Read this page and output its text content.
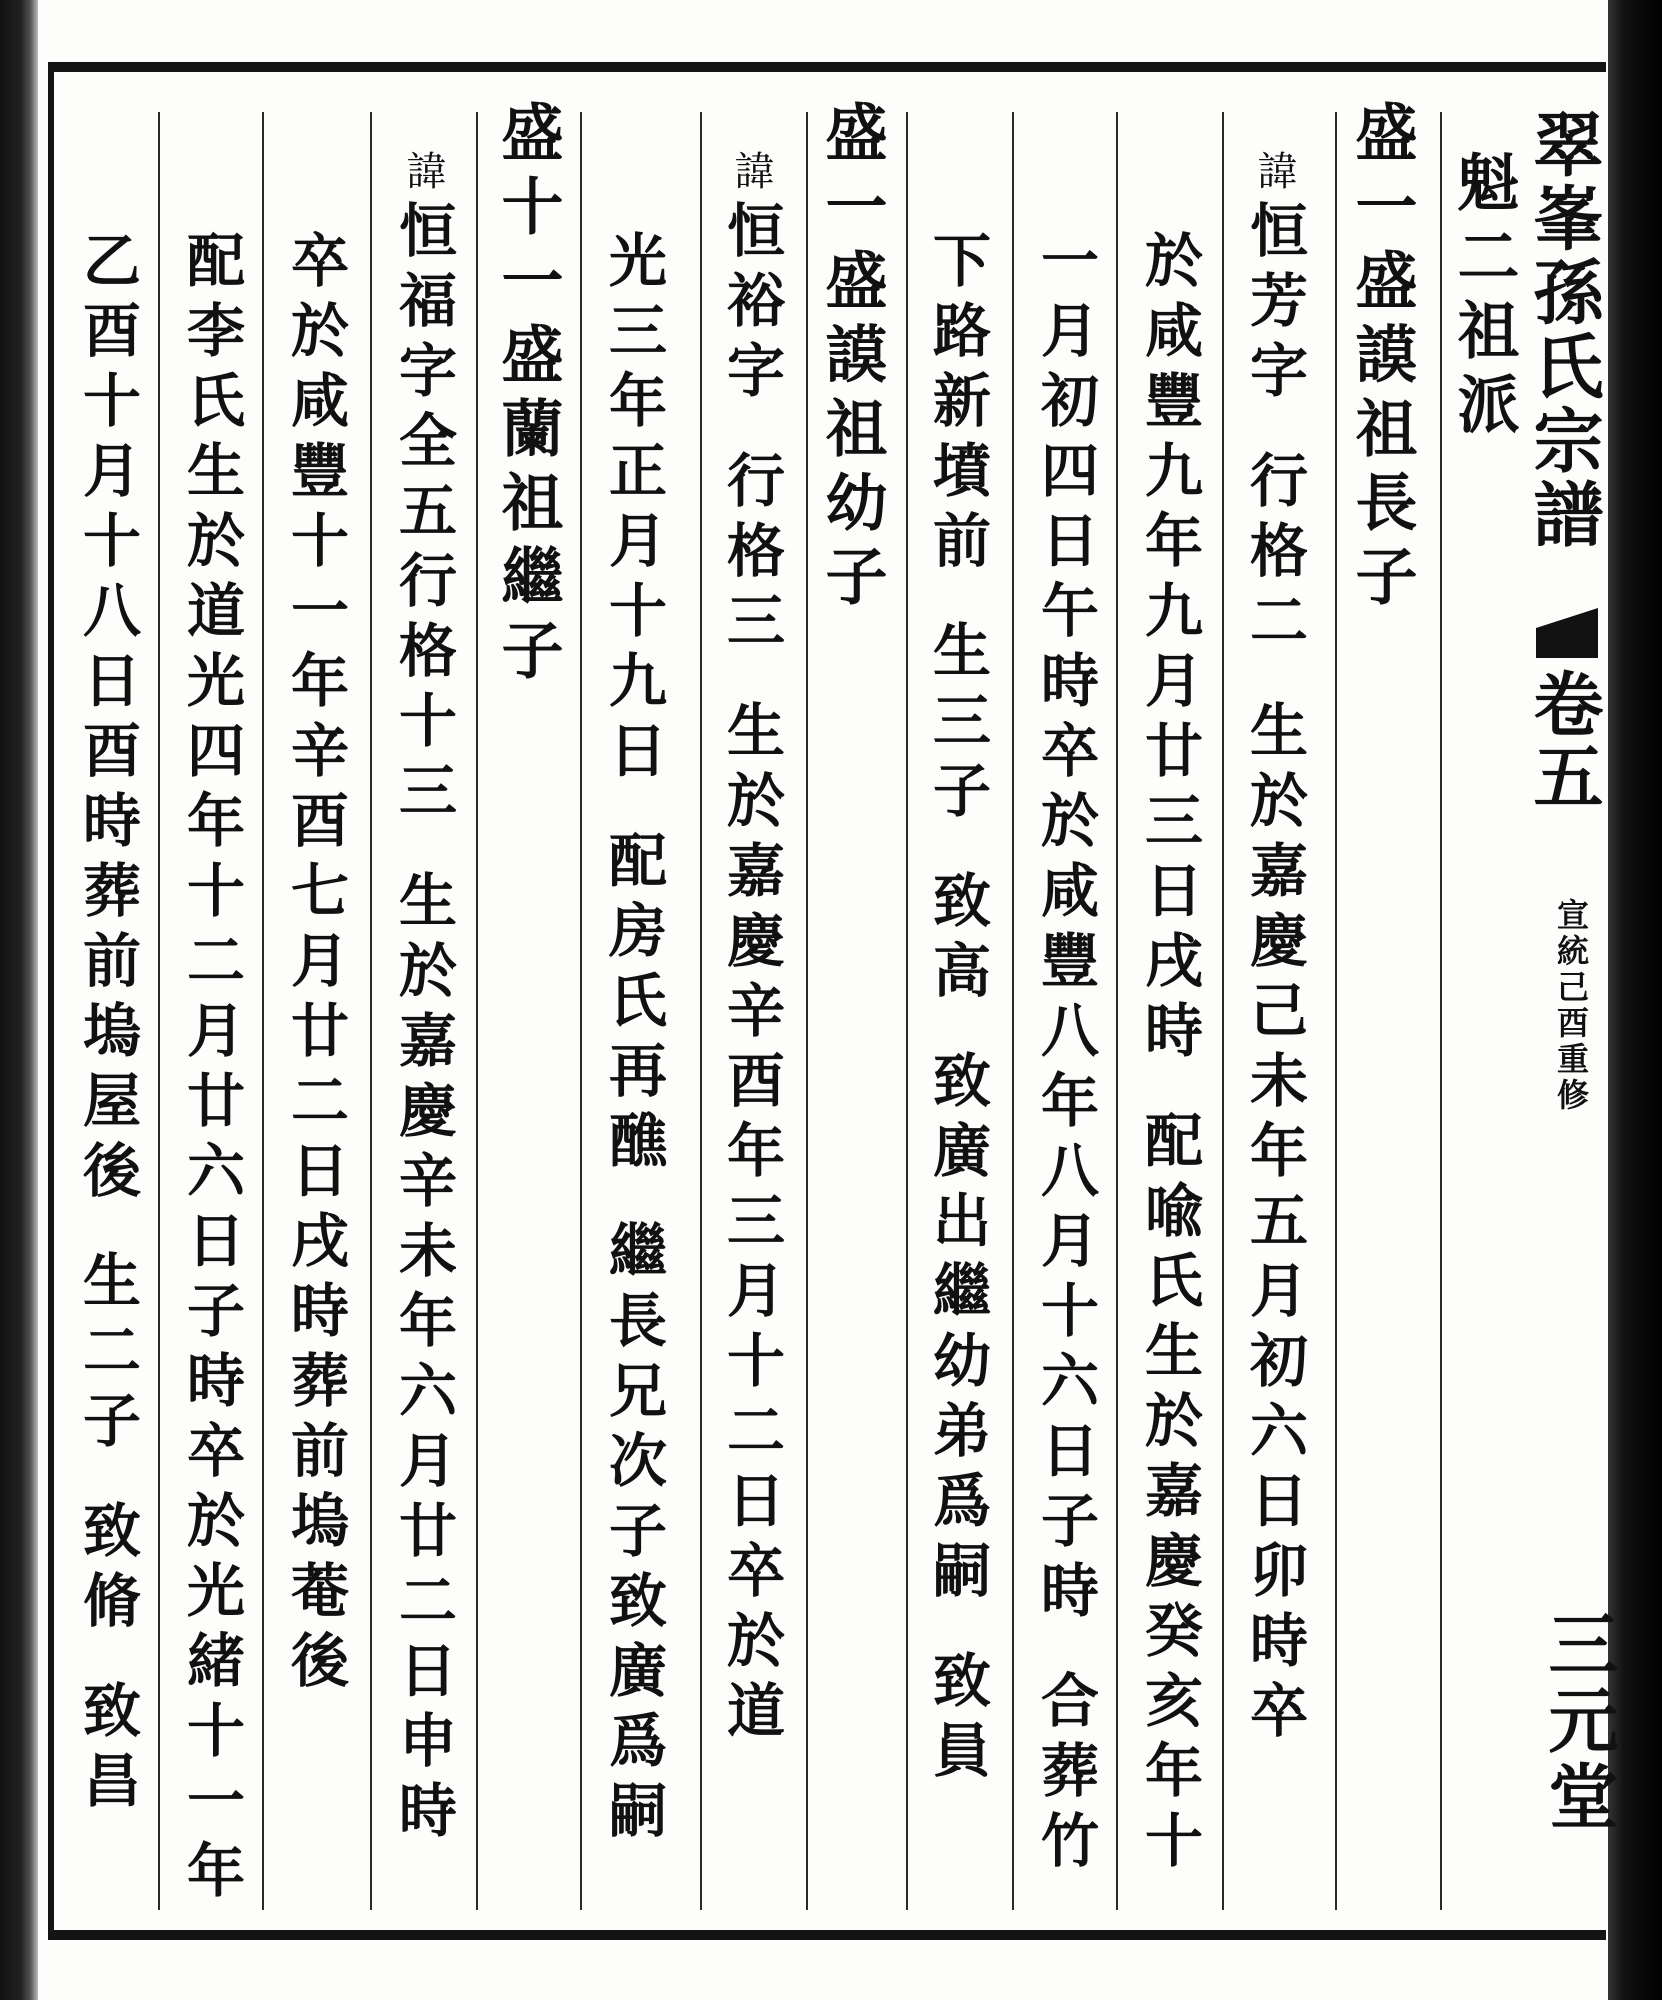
翠峯孫氏宗譜
卷五
宣統己酉重修
三元堂
魁二祖派
盛一盛謨祖長子
諱恒芳字行格二生於嘉慶己未年五月初六日卯時卒
於咸豐九年九月廿三日戌時配喩氏生於嘉慶癸亥年十
一月初四日午時卒於咸豐八年八月十六日子時合葬竹
下路新墳前生三子致高致廣出繼幼弟爲嗣致員
盛一盛謨祖幼子
諱恒裕字行格三生於嘉慶辛酉年三月十二日卒於道
光三年正月十九日配房氏再醮繼長兄次子致廣爲嗣
盛十一盛蘭祖繼子
諱恒福字全五行格十三生於嘉慶辛未年六月廿二日申時
卒於咸豐十一年辛酉七月廿二日戌時葬前塢菴後
配李氏生於道光四年十二月廿六日子時卒於光緒十一年
乙酉十月十八日酉時葬前塢屋後生二子致脩致昌
